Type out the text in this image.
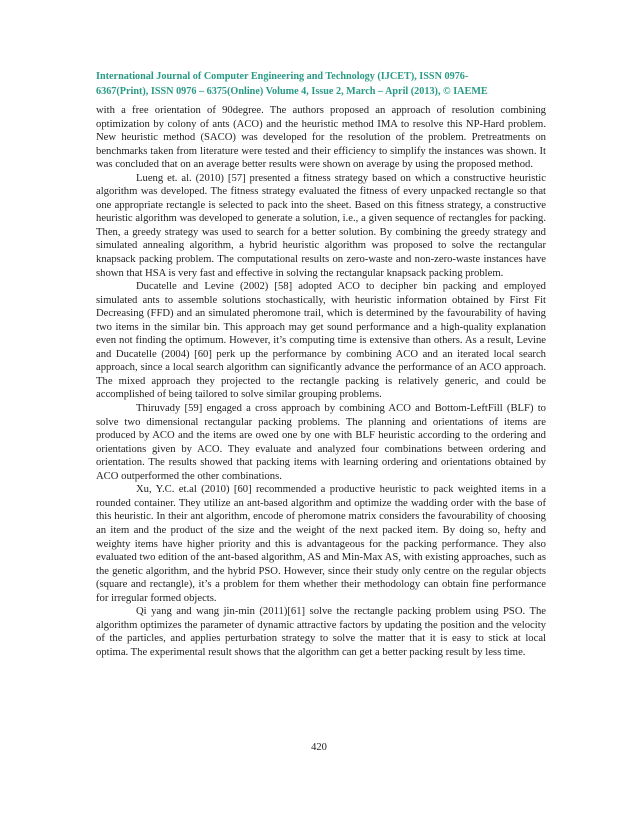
International Journal of Computer Engineering and Technology (IJCET), ISSN 0976-
6367(Print), ISSN 0976 – 6375(Online) Volume 4, Issue 2, March – April (2013), © IAEME

with a free orientation of 90degree. The authors proposed an approach of resolution combining optimization by colony of ants (ACO) and the heuristic method IMA to resolve this NP-Hard problem. New heuristic method (SACO) was developed for the resolution of the problem. Pretreatments on benchmarks taken from literature were tested and their efficiency to simplify the instances was shown. It was concluded that on an average better results were shown on average by using the proposed method.

Lueng et. al. (2010) [57] presented a fitness strategy based on which a constructive heuristic algorithm was developed. The fitness strategy evaluated the fitness of every unpacked rectangle so that one appropriate rectangle is selected to pack into the sheet. Based on this fitness strategy, a constructive heuristic algorithm was developed to generate a solution, i.e., a given sequence of rectangles for packing. Then, a greedy strategy was used to search for a better solution. By combining the greedy strategy and simulated annealing algorithm, a hybrid heuristic algorithm was proposed to solve the rectangular knapsack packing problem. The computational results on zero-waste and non-zero-waste instances have shown that HSA is very fast and effective in solving the rectangular knapsack packing problem.

Ducatelle and Levine (2002) [58] adopted ACO to decipher bin packing and employed simulated ants to assemble solutions stochastically, with heuristic information obtained by First Fit Decreasing (FFD) and an simulated pheromone trail, which is determined by the favourability of having two items in the similar bin. This approach may get sound performance and a high-quality explanation even not finding the optimum. However, it’s computing time is extensive than others. As a result, Levine and Ducatelle (2004) [60] perk up the performance by combining ACO and an iterated local search approach, since a local search algorithm can significantly advance the performance of an ACO approach. The mixed approach they projected to the rectangle packing is relatively generic, and could be accomplished of being tailored to solve similar grouping problems.

Thiruvady [59] engaged a cross approach by combining ACO and Bottom-LeftFill (BLF) to solve two dimensional rectangular packing problems. The planning and orientations of items are produced by ACO and the items are owed one by one with BLF heuristic according to the ordering and orientations given by ACO. They evaluate and analyzed four combinations between ordering and orientation. The results showed that packing items with learning ordering and orientations obtained by ACO outperformed the other combinations.

Xu, Y.C. et.al (2010) [60] recommended a productive heuristic to pack weighted items in a rounded container. They utilize an ant-based algorithm and optimize the wadding order with the base of this heuristic. In their ant algorithm, encode of pheromone matrix considers the favourability of choosing an item and the product of the size and the weight of the next packed item. By doing so, hefty and weighty items have higher priority and this is advantageous for the packing performance. They also evaluated two edition of the ant-based algorithm, AS and Min-Max AS, with existing approaches, such as the genetic algorithm, and the hybrid PSO. However, since their study only centre on the regular objects (square and rectangle), it’s a problem for them whether their methodology can obtain fine performance for irregular formed objects.

Qi yang and wang jin-min (2011)[61] solve the rectangle packing problem using PSO. The algorithm optimizes the parameter of dynamic attractive factors by updating the position and the velocity of the particles, and applies perturbation strategy to solve the matter that it is easy to stick at local optima. The experimental result shows that the algorithm can get a better packing result by less time.

420
